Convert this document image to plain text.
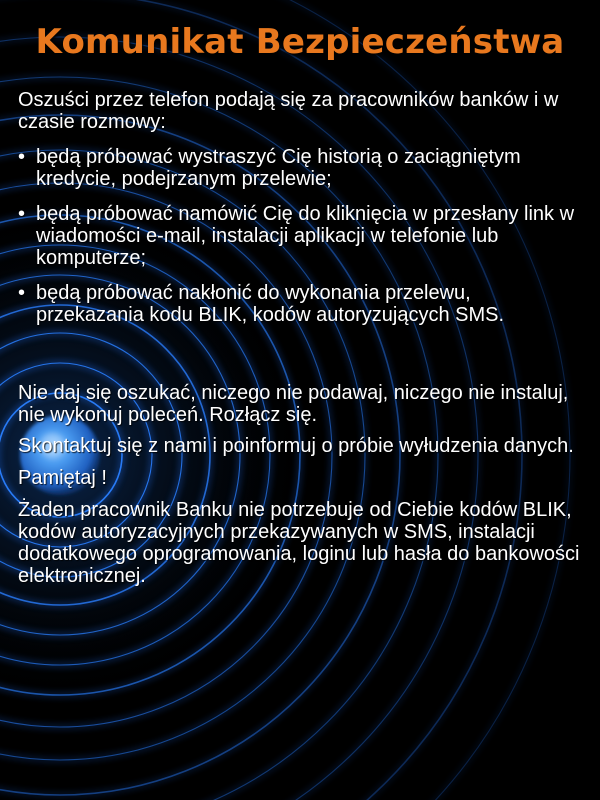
Komunikat Bezpieczeństwa

Oszuści przez telefon podają się za pracowników banków i w czasie rozmowy:

• będą próbować wystraszyć Cię historią o zaciągniętym kredycie, podejrzanym przelewie;
• będą próbować namówić Cię do kliknięcia w przesłany link w wiadomości e-mail, instalacji aplikacji w telefonie lub komputerze;
• będą próbować nakłonić do wykonania przelewu, przekazania kodu BLIK, kodów autoryzujących SMS.

Nie daj się oszukać, niczego nie podawaj, niczego nie instaluj, nie wykonuj poleceń. Rozłącz się.

Skontaktuj się z nami i poinformuj o próbie wyłudzenia danych.

Pamiętaj !

Żaden pracownik Banku nie potrzebuje od Ciebie kodów BLIK, kodów autoryzacyjnych przekazywanych w SMS, instalacji dodatkowego oprogramowania, loginu lub hasła do bankowości elektronicznej.
